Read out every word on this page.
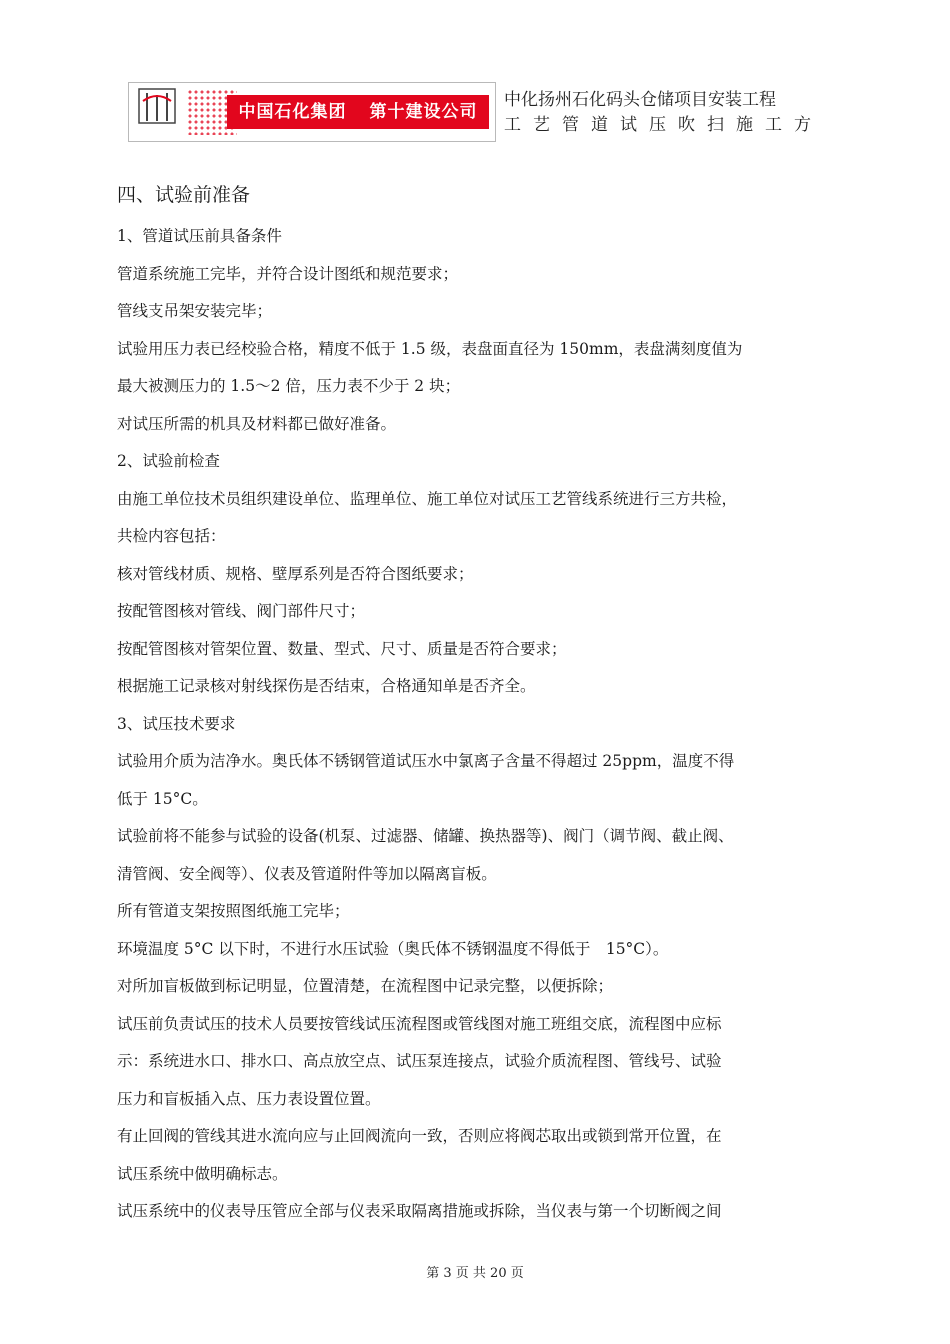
中国石化集团 第十建设公司
中化扬州石化码头仓储项目安装工程
工艺管道试压吹扫施工方
四、试验前准备

1、管道试压前具备条件

管道系统施工完毕，并符合设计图纸和规范要求；

管线支吊架安装完毕；

试验用压力表已经校验合格，精度不低于 1.5 级，表盘面直径为 150mm，表盘满刻度值为

最大被测压力的 1.5～2 倍，压力表不少于 2 块；

对试压所需的机具及材料都已做好准备。

2、试验前检查

由施工单位技术员组织建设单位、监理单位、施工单位对试压工艺管线系统进行三方共检，

共检内容包括：

核对管线材质、规格、壁厚系列是否符合图纸要求；

按配管图核对管线、阀门部件尺寸；

按配管图核对管架位置、数量、型式、尺寸、质量是否符合要求；

根据施工记录核对射线探伤是否结束，合格通知单是否齐全。

3、试压技术要求

试验用介质为洁净水。奥氏体不锈钢管道试压水中氯离子含量不得超过 25ppm，温度不得

低于 15°C。

试验前将不能参与试验的设备(机泵、过滤器、储罐、换热器等)、阀门（调节阀、截止阀、

清管阀、安全阀等）、仪表及管道附件等加以隔离盲板。

所有管道支架按照图纸施工完毕；

环境温度 5°C 以下时，不进行水压试验（奥氏体不锈钢温度不得低于　15°C）。

对所加盲板做到标记明显，位置清楚，在流程图中记录完整，以便拆除；

试压前负责试压的技术人员要按管线试压流程图或管线图对施工班组交底，流程图中应标

示：系统进水口、排水口、高点放空点、试压泵连接点，试验介质流程图、管线号、试验

压力和盲板插入点、压力表设置位置。

有止回阀的管线其进水流向应与止回阀流向一致，否则应将阀芯取出或锁到常开位置，在

试压系统中做明确标志。

试压系统中的仪表导压管应全部与仪表采取隔离措施或拆除，当仪表与第一个切断阀之间

第 3 页 共 20 页
